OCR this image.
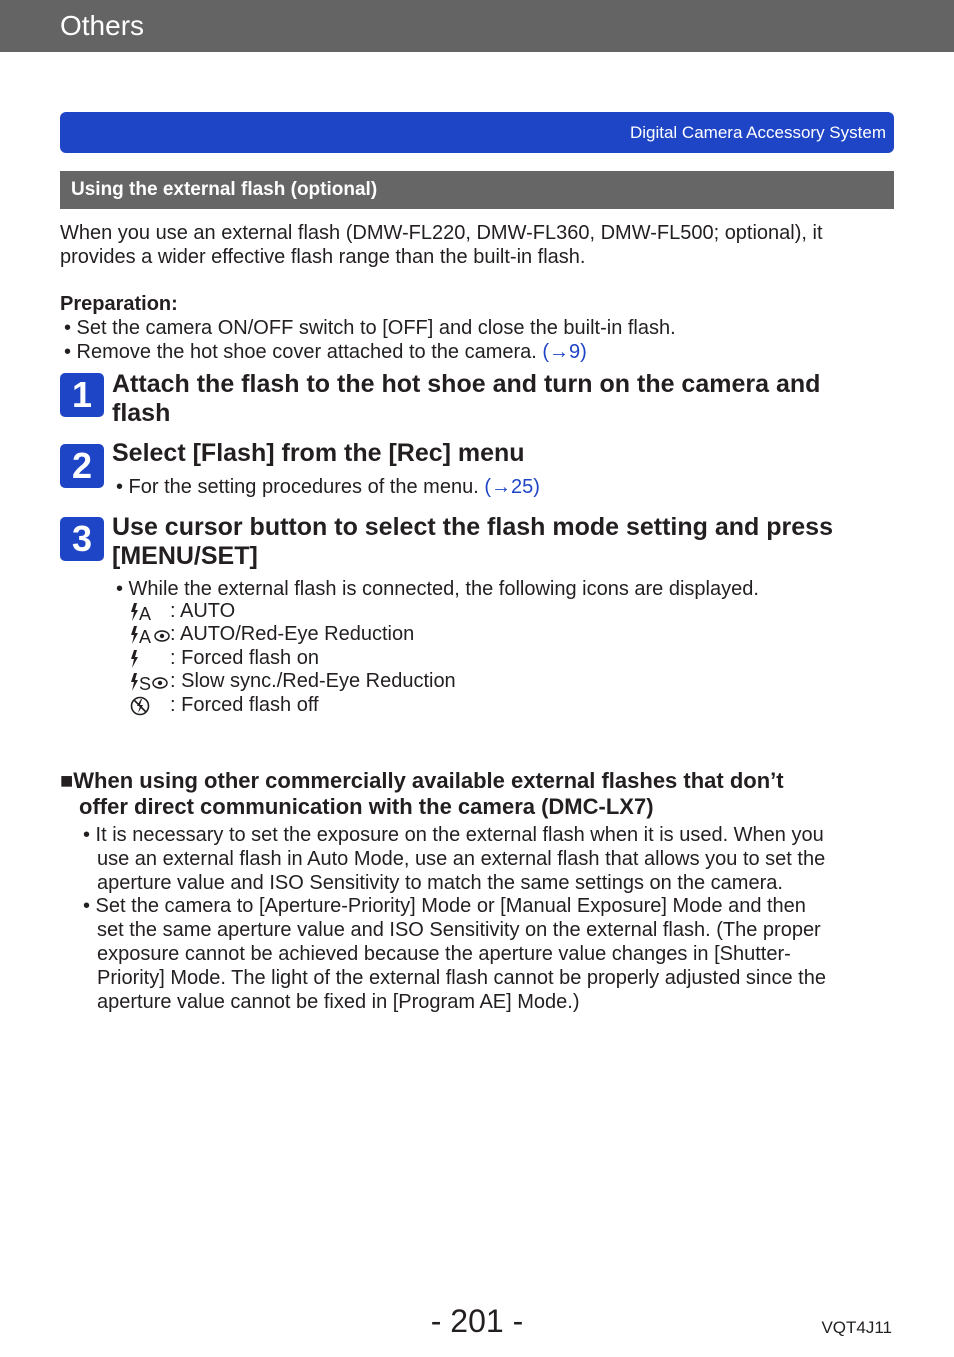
Others
Digital Camera Accessory System
Using the external flash (optional)
When you use an external flash (DMW-FL220, DMW-FL360, DMW-FL500; optional), it
provides a wider effective flash range than the built-in flash.
Preparation:
• Set the camera ON/OFF switch to [OFF] and close the built-in flash.
• Remove the hot shoe cover attached to the camera. (→9)
1 Attach the flash to the hot shoe and turn on the camera and
flash
2 Select [Flash] from the [Rec] menu
• For the setting procedures of the menu. (→25)
3 Use cursor button to select the flash mode setting and press
[MENU/SET]
• While the external flash is connected, the following icons are displayed.
A : AUTO
A : AUTO/Red-Eye Reduction
: Forced flash on
S : Slow sync./Red-Eye Reduction
: Forced flash off
■When using other commercially available external flashes that don’t
offer direct communication with the camera (DMC-LX7)
• It is necessary to set the exposure on the external flash when it is used. When you
use an external flash in Auto Mode, use an external flash that allows you to set the
aperture value and ISO Sensitivity to match the same settings on the camera.
• Set the camera to [Aperture-Priority] Mode or [Manual Exposure] Mode and then
set the same aperture value and ISO Sensitivity on the external flash. (The proper
exposure cannot be achieved because the aperture value changes in [Shutter-
Priority] Mode. The light of the external flash cannot be properly adjusted since the
aperture value cannot be fixed in [Program AE] Mode.)
- 201 -	VQT4J11
